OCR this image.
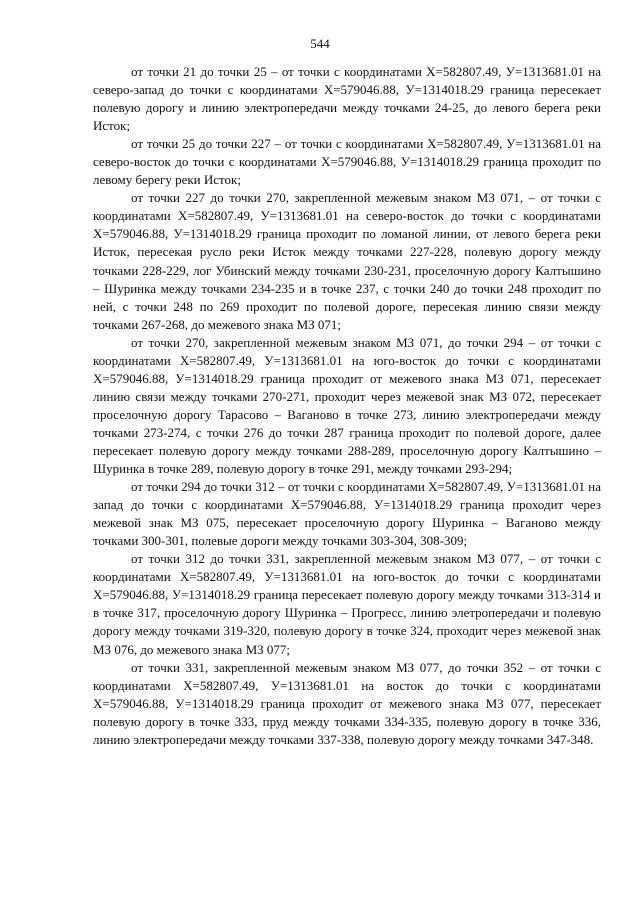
544

от точки 21 до точки 25 – от точки с координатами Х=582807.49, У=1313681.01 на северо-запад до точки с координатами Х=579046.88, У=1314018.29 граница пересекает полевую дорогу и линию электропередачи между точками 24-25, до левого берега реки Исток;

от точки 25 до точки 227 – от точки с координатами Х=582807.49, У=1313681.01 на северо-восток до точки с координатами Х=579046.88, У=1314018.29 граница проходит по левому берегу реки Исток;

от точки 227 до точки 270, закрепленной межевым знаком МЗ 071, – от точки с координатами Х=582807.49, У=1313681.01 на северо-восток до точки с координатами Х=579046.88, У=1314018.29 граница проходит по ломаной линии, от левого берега реки Исток, пересекая русло реки Исток между точками 227-228, полевую дорогу между точками 228-229, лог Убинский между точками 230-231, проселочную дорогу Калтышино – Шуринка между точками 234-235 и в точке 237, с точки 240 до точки 248 проходит по ней, с точки 248 по 269 проходит по полевой дороге, пересекая линию связи между точками 267-268, до межевого знака МЗ 071;

от точки 270, закрепленной межевым знаком МЗ 071, до точки 294 – от точки с координатами Х=582807.49, У=1313681.01 на юго-восток до точки с координатами Х=579046.88, У=1314018.29 граница проходит от межевого знака МЗ 071, пересекает линию связи между точками 270-271, проходит через межевой знак МЗ 072, пересекает проселочную дорогу Тарасово – Ваганово в точке 273, линию электропередачи между точками 273-274, с точки 276 до точки 287 граница проходит по полевой дороге, далее пересекает полевую дорогу между точками 288-289, проселочную дорогу Калтышино – Шуринка в точке 289, полевую дорогу в точке 291, между точками 293-294;

от точки 294 до точки 312 – от точки с координатами Х=582807.49, У=1313681.01 на запад до точки с координатами Х=579046.88, У=1314018.29 граница проходит через межевой знак МЗ 075, пересекает проселочную дорогу Шуринка – Ваганово между точками 300-301, полевые дороги между точками 303-304, 308-309;

от точки 312 до точки 331, закрепленной межевым знаком МЗ 077, – от точки с координатами Х=582807.49, У=1313681.01 на юго-восток до точки с координатами Х=579046.88, У=1314018.29 граница пересекает полевую дорогу между точками 313-314 и в точке 317, проселочную дорогу Шуринка – Прогресс, линию элетропередачи и полевую дорогу между точками 319-320, полевую дорогу в точке 324, проходит через межевой знак МЗ 076, до межевого знака МЗ 077;

от точки 331, закрепленной межевым знаком МЗ 077, до точки 352 – от точки с координатами Х=582807.49, У=1313681.01 на восток до точки с координатами Х=579046.88, У=1314018.29 граница проходит от межевого знака МЗ 077, пересекает полевую дорогу в точке 333, пруд между точками 334-335, полевую дорогу в точке 336, линию электропередачи между точками 337-338, полевую дорогу между точками 347-348.
